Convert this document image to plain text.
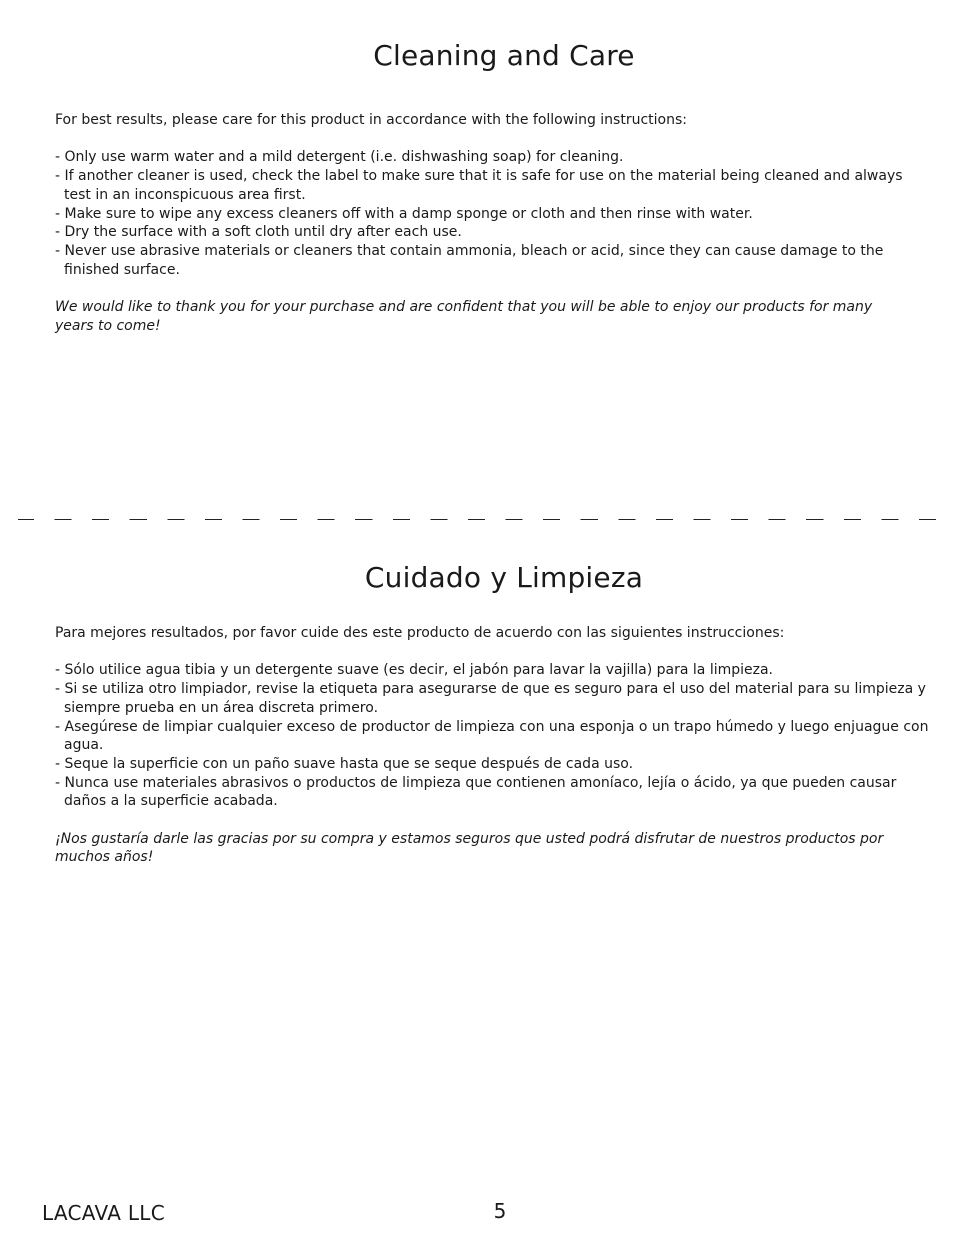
Cleaning and Care

For best results, please care for this product in accordance with the following instructions:

- Only use warm water and a mild detergent (i.e. dishwashing soap) for cleaning.
- If another cleaner is used, check the label to make sure that it is safe for use on the material being cleaned and always test in an inconspicuous area first.
- Make sure to wipe any excess cleaners off with a damp sponge or cloth and then rinse with water.
- Dry the surface with a soft cloth until dry after each use.
- Never use abrasive materials or cleaners that contain ammonia, bleach or acid, since they can cause damage to the finished surface.

We would like to thank you for your purchase and are confident that you will be able to enjoy our products for many years to come!

Cuidado y Limpieza

Para mejores resultados, por favor cuide des este producto de acuerdo con las siguientes instrucciones:

- Sólo utilice agua tibia y un detergente suave (es decir, el jabón para lavar la vajilla) para la limpieza.
- Si se utiliza otro limpiador, revise la etiqueta para asegurarse de que es seguro para el uso del material para su limpieza y siempre prueba en un área discreta primero.
- Asegúrese de limpiar cualquier exceso de productor de limpieza con una esponja o un trapo húmedo y luego enjuague con agua.
- Seque la superficie con un paño suave hasta que se seque después de cada uso.
- Nunca use materiales abrasivos o productos de limpieza que contienen amoníaco, lejía o ácido, ya que pueden causar daños a la superficie acabada.

¡Nos gustaría darle las gracias por su compra y estamos seguros que usted podrá disfrutar de nuestros productos por muchos años!

LACAVA LLC	5
